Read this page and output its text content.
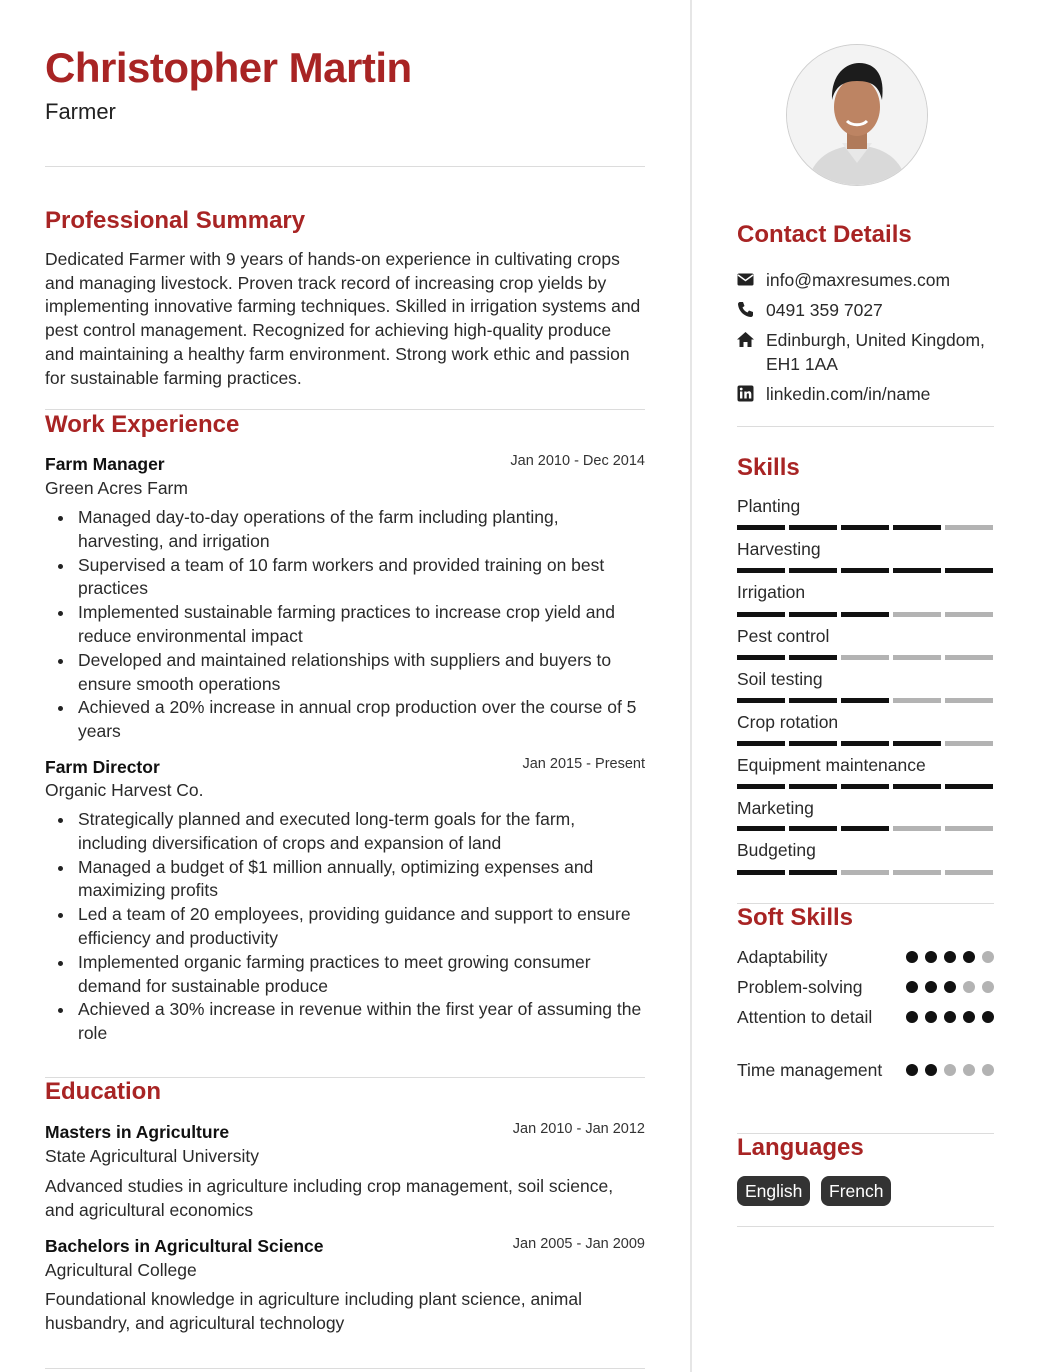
Christopher Martin
Farmer
Professional Summary
Dedicated Farmer with 9 years of hands-on experience in cultivating crops and managing livestock. Proven track record of increasing crop yields by implementing innovative farming techniques. Skilled in irrigation systems and pest control management. Recognized for achieving high-quality produce and maintaining a healthy farm environment. Strong work ethic and passion for sustainable farming practices.
Work Experience
Farm Manager	Jan 2010 - Dec 2014
Green Acres Farm
Managed day-to-day operations of the farm including planting, harvesting, and irrigation
Supervised a team of 10 farm workers and provided training on best practices
Implemented sustainable farming practices to increase crop yield and reduce environmental impact
Developed and maintained relationships with suppliers and buyers to ensure smooth operations
Achieved a 20% increase in annual crop production over the course of 5 years
Farm Director	Jan 2015 - Present
Organic Harvest Co.
Strategically planned and executed long-term goals for the farm, including diversification of crops and expansion of land
Managed a budget of $1 million annually, optimizing expenses and maximizing profits
Led a team of 20 employees, providing guidance and support to ensure efficiency and productivity
Implemented organic farming practices to meet growing consumer demand for sustainable produce
Achieved a 30% increase in revenue within the first year of assuming the role
Education
Masters in Agriculture	Jan 2010 - Jan 2012
State Agricultural University
Advanced studies in agriculture including crop management, soil science, and agricultural economics
Bachelors in Agricultural Science	Jan 2005 - Jan 2009
Agricultural College
Foundational knowledge in agriculture including plant science, animal husbandry, and agricultural technology
Contact Details
info@maxresumes.com
0491 359 7027
Edinburgh, United Kingdom, EH1 1AA
linkedin.com/in/name
Skills
Planting
Harvesting
Irrigation
Pest control
Soil testing
Crop rotation
Equipment maintenance
Marketing
Budgeting
Soft Skills
Adaptability
Problem-solving
Attention to detail
Time management
Languages
English	French
